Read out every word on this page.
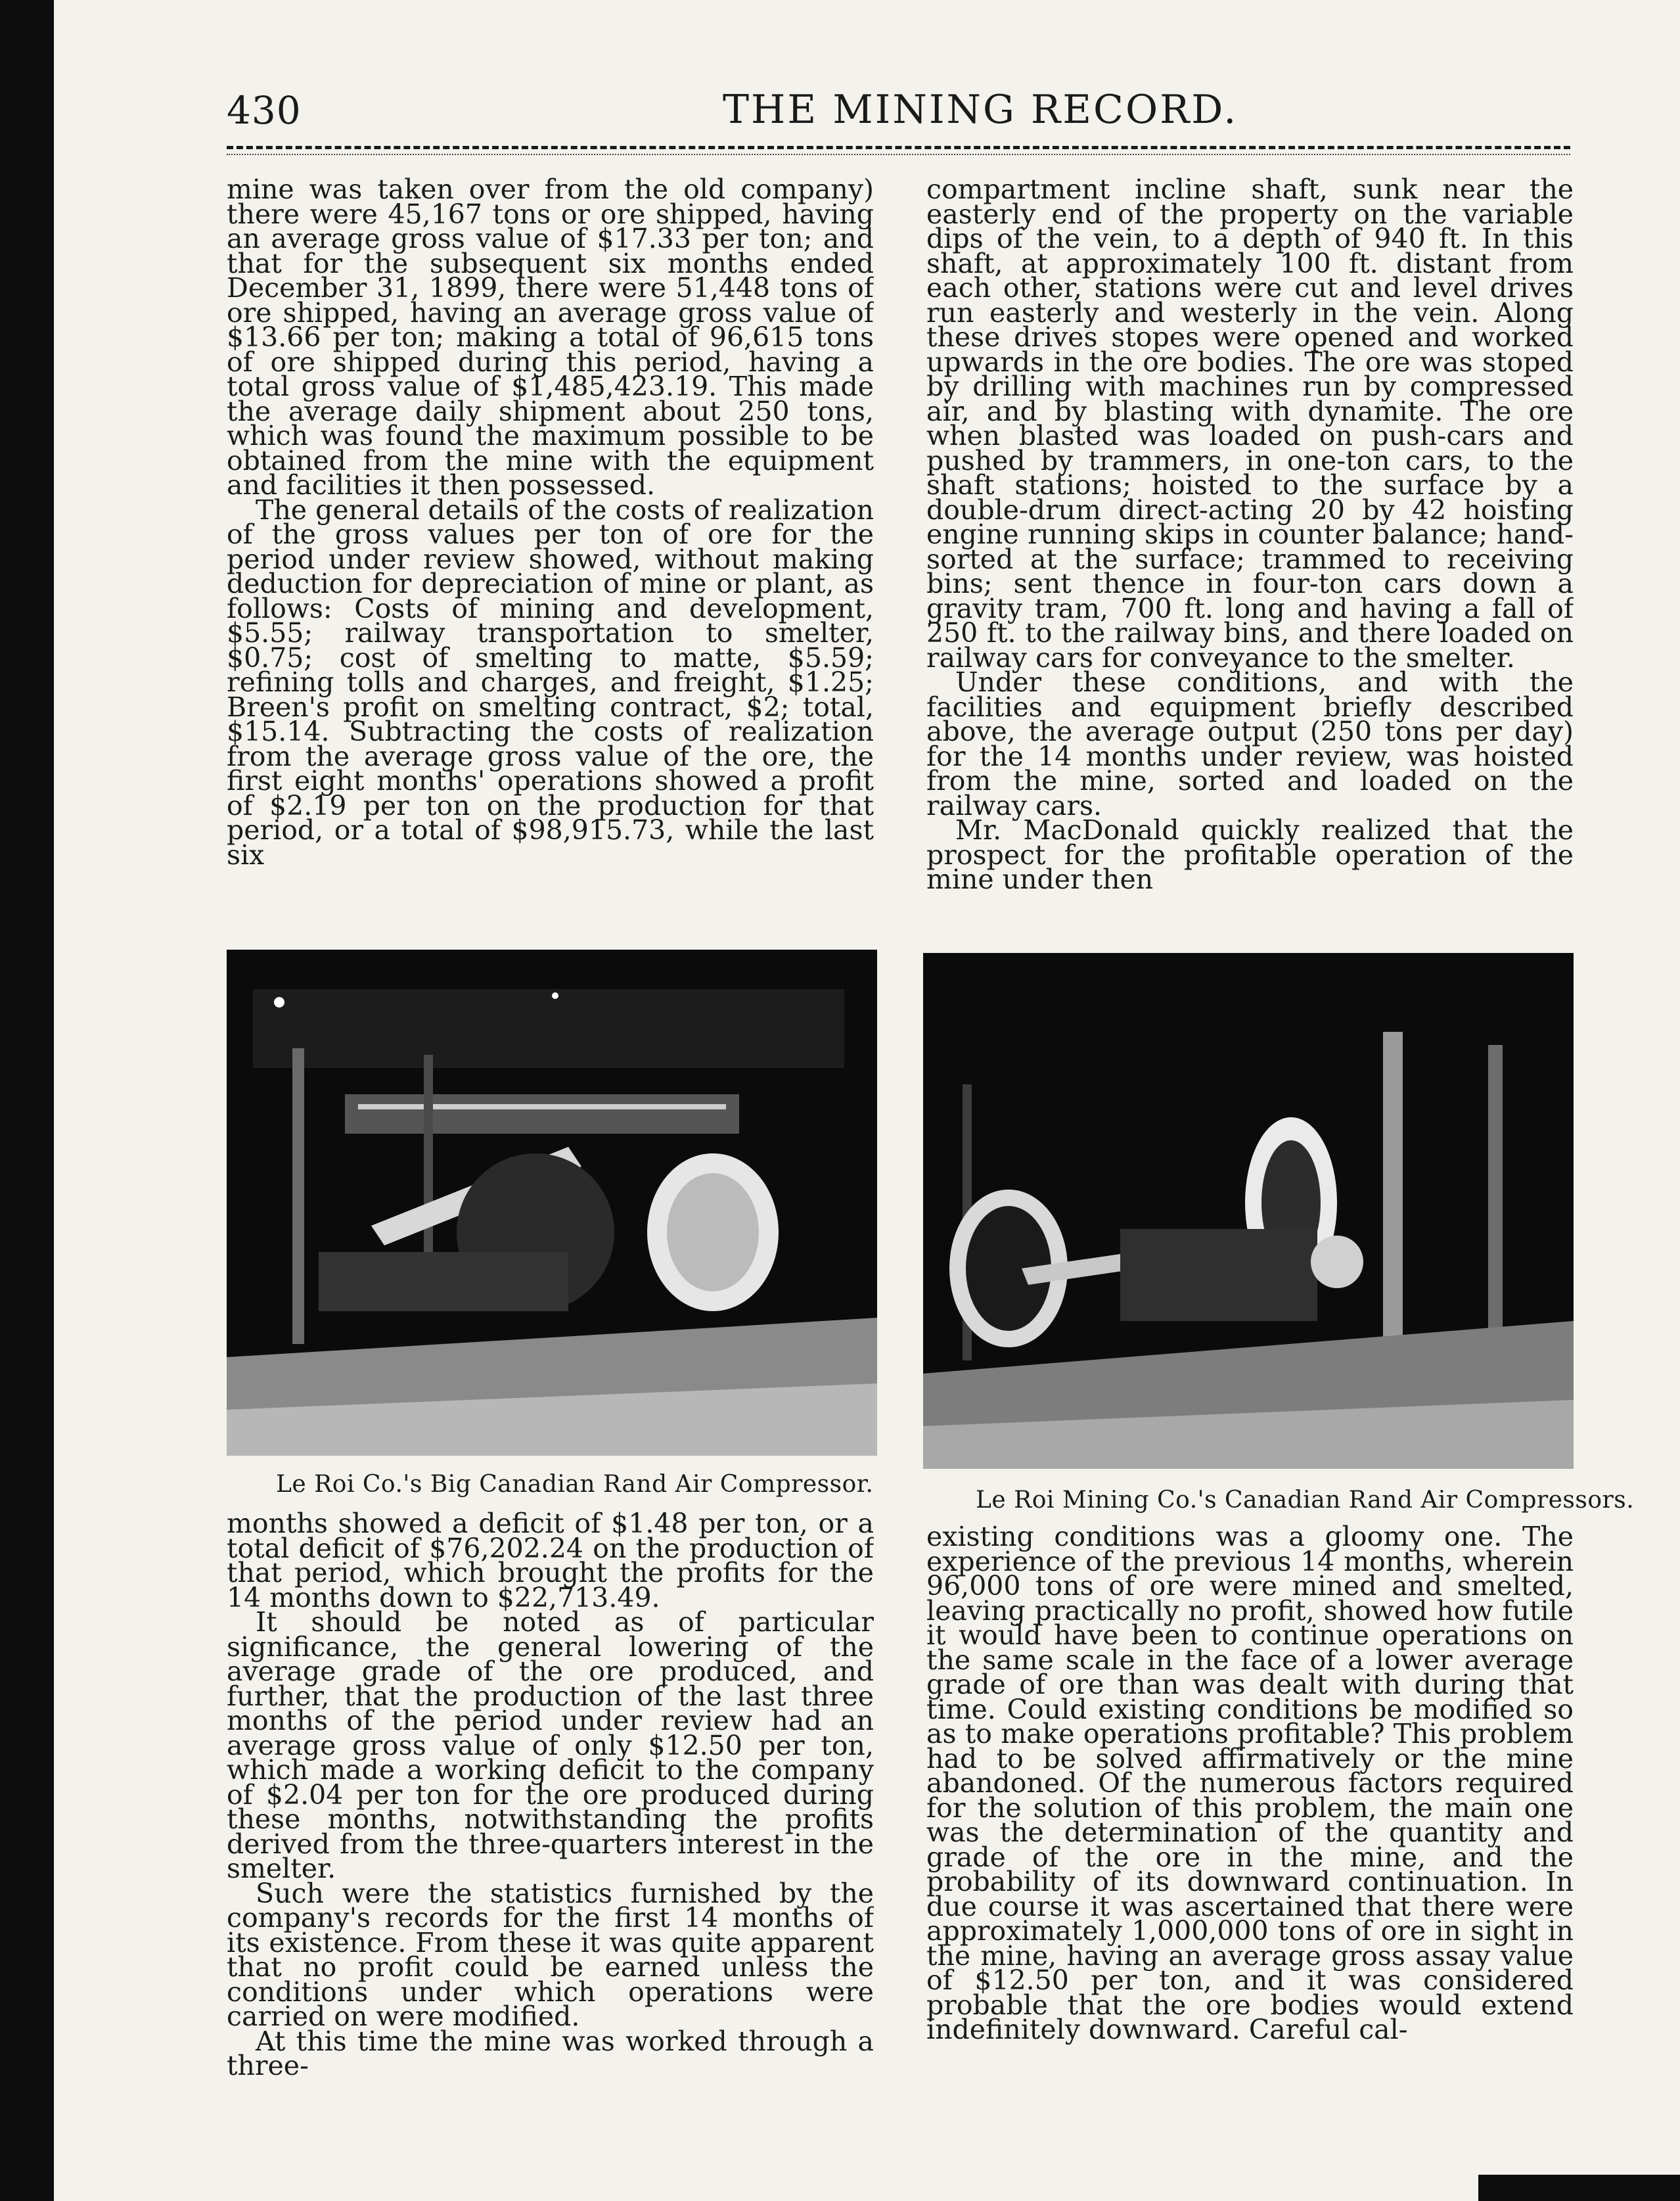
430	THE MINING RECORD.

mine was taken over from the old company) there were 45,167 tons or ore shipped, having an average gross value of $17.33 per ton; and that for the subsequent six months ended December 31, 1899, there were 51,448 tons of ore shipped, having an average gross value of $13.66 per ton; making a total of 96,615 tons of ore shipped during this period, having a total gross value of $1,485,423.19. This made the average daily shipment about 250 tons, which was found the maximum possible to be obtained from the mine with the equipment and facilities it then possessed.

The general details of the costs of realization of the gross values per ton of ore for the period under review showed, without making deduction for depreciation of mine or plant, as follows: Costs of mining and development, $5.55; railway transportation to smelter, $0.75; cost of smelting to matte, $5.59; refining tolls and charges, and freight, $1.25; Breen's profit on smelting contract, $2; total, $15.14. Subtracting the costs of realization from the average gross value of the ore, the first eight months' operations showed a profit of $2.19 per ton on the production for that period, or a total of $98,915.73, while the last six

compartment incline shaft, sunk near the easterly end of the property on the variable dips of the vein, to a depth of 940 ft. In this shaft, at approximately 100 ft. distant from each other, stations were cut and level drives run easterly and westerly in the vein. Along these drives stopes were opened and worked upwards in the ore bodies. The ore was stoped by drilling with machines run by compressed air, and by blasting with dynamite. The ore when blasted was loaded on push-cars and pushed by trammers, in one-ton cars, to the shaft stations; hoisted to the surface by a double-drum direct-acting 20 by 42 hoisting engine running skips in counter balance; hand-sorted at the surface; trammed to receiving bins; sent thence in four-ton cars down a gravity tram, 700 ft. long and having a fall of 250 ft. to the railway bins, and there loaded on railway cars for conveyance to the smelter.

Under these conditions, and with the facilities and equipment briefly described above, the average output (250 tons per day) for the 14 months under review, was hoisted from the mine, sorted and loaded on the railway cars.

Mr. MacDonald quickly realized that the prospect for the profitable operation of the mine under then

Le Roi Co.'s Big Canadian Rand Air Compressor.
Le Roi Mining Co.'s Canadian Rand Air Compressors.

months showed a deficit of $1.48 per ton, or a total deficit of $76,202.24 on the production of that period, which brought the profits for the 14 months down to $22,713.49.

It should be noted as of particular significance, the general lowering of the average grade of the ore produced, and further, that the production of the last three months of the period under review had an average gross value of only $12.50 per ton, which made a working deficit to the company of $2.04 per ton for the ore produced during these months, notwithstanding the profits derived from the three-quarters interest in the smelter.

Such were the statistics furnished by the company's records for the first 14 months of its existence. From these it was quite apparent that no profit could be earned unless the conditions under which operations were carried on were modified.

At this time the mine was worked through a three-

existing conditions was a gloomy one. The experience of the previous 14 months, wherein 96,000 tons of ore were mined and smelted, leaving practically no profit, showed how futile it would have been to continue operations on the same scale in the face of a lower average grade of ore than was dealt with during that time. Could existing conditions be modified so as to make operations profitable? This problem had to be solved affirmatively or the mine abandoned. Of the numerous factors required for the solution of this problem, the main one was the determination of the quantity and grade of the ore in the mine, and the probability of its downward continuation. In due course it was ascertained that there were approximately 1,000,000 tons of ore in sight in the mine, having an average gross assay value of $12.50 per ton, and it was considered probable that the ore bodies would extend indefinitely downward. Careful cal-
